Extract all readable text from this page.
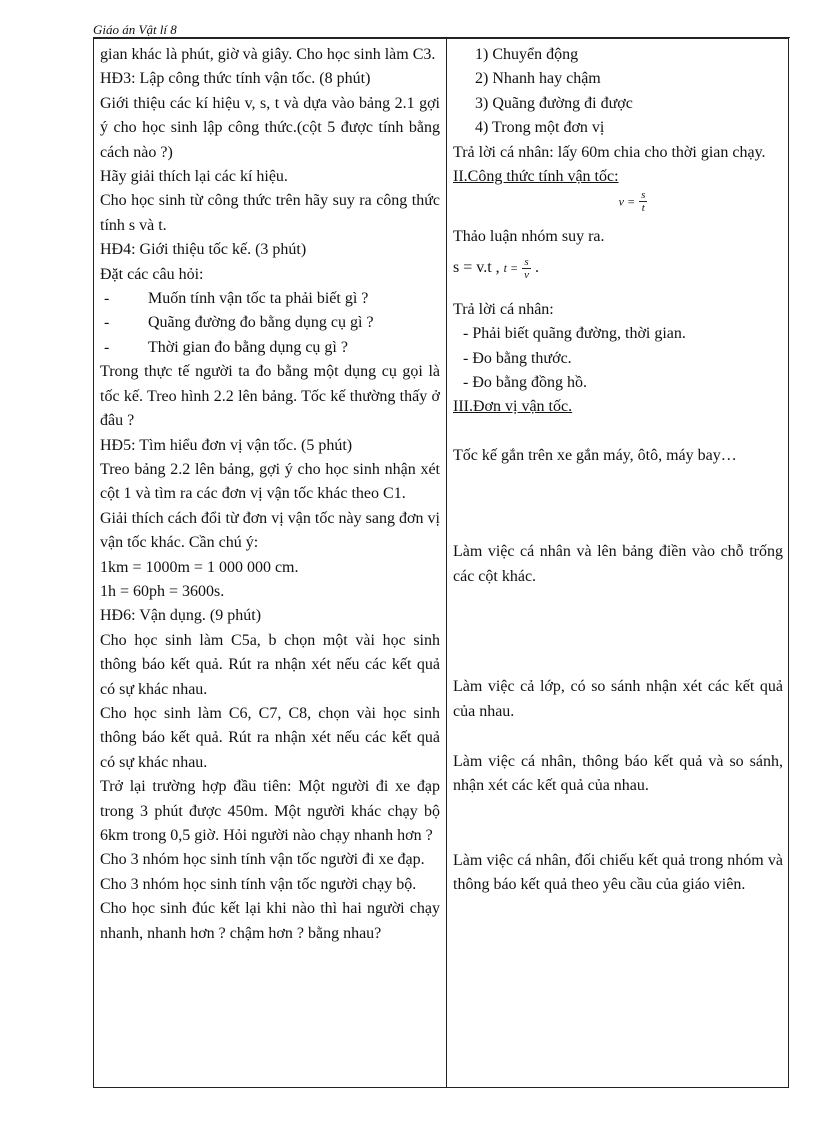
Giáo án Vật lí 8
gian khác là phút, giờ và giây. Cho học sinh làm C3.
HĐ3: Lập công thức tính vận tốc. (8 phút)
Giới thiệu các kí hiệu v, s, t và dựa vào bảng 2.1 gợi ý cho học sinh lập công thức.(cột 5 được tính bằng cách nào ?)
Hãy giải thích lại các kí hiệu.
Cho học sinh từ công thức trên hãy suy ra công thức tính s và t.
HĐ4: Giới thiệu tốc kế. (3 phút)
Đặt các câu hỏi:
- Muốn tính vận tốc ta phải biết gì ?
- Quãng đường đo bằng dụng cụ gì ?
- Thời gian đo bằng dụng cụ gì ?
Trong thực tế người ta đo bằng một dụng cụ gọi là tốc kế. Treo hình 2.2 lên bảng. Tốc kế thường thấy ở đâu ?
HĐ5: Tìm hiểu đơn vị vận tốc. (5 phút)
Treo bảng 2.2 lên bảng, gợi ý cho học sinh nhận xét cột 1 và tìm ra các đơn vị vận tốc khác theo C1.
Giải thích cách đổi từ đơn vị vận tốc này sang đơn vị vận tốc khác. Cần chú ý:
1km = 1000m = 1 000 000 cm.
1h = 60ph = 3600s.
HĐ6: Vận dụng. (9 phút)
Cho học sinh làm C5a, b chọn một vài học sinh thông báo kết quả. Rút ra nhận xét nếu các kết quả có sự khác nhau.
Cho học sinh làm C6, C7, C8, chọn vài học sinh thông báo kết quả. Rút ra nhận xét nếu các kết quả có sự khác nhau.
Trở lại trường hợp đầu tiên: Một người đi xe đạp trong 3 phút được 450m. Một người khác chạy bộ 6km trong 0,5 giờ. Hỏi người nào chạy nhanh hơn ?
Cho 3 nhóm học sinh tính vận tốc người đi xe đạp.
Cho 3 nhóm học sinh tính vận tốc người chạy bộ.
Cho học sinh đúc kết lại khi nào thì hai người chạy nhanh, nhanh hơn ? chậm hơn ? bằng nhau?
1) Chuyển động
2) Nhanh hay chậm
3) Quãng đường đi được
4) Trong một đơn vị
Trả lời cá nhân: lấy 60m chia cho thời gian chạy.
II.Công thức tính vận tốc:
$v = \frac{s}{t}$
Thảo luận nhóm suy ra.
s = v.t , $t = \frac{s}{v}$ .
Trả lời cá nhân:
- Phải biết quãng đường, thời gian.
- Đo bằng thước.
- Đo bằng đồng hồ.
III.Đơn vị vận tốc.
Tốc kế gắn trên xe gắn máy, ôtô, máy bay…
Làm việc cá nhân và lên bảng điền vào chỗ trống các cột khác.
Làm việc cả lớp, có so sánh nhận xét các kết quả của nhau.
Làm việc cá nhân, thông báo kết quả và so sánh, nhận xét các kết quả của nhau.
Làm việc cá nhân, đối chiếu kết quả trong nhóm và thông báo kết quả theo yêu cầu của giáo viên.
